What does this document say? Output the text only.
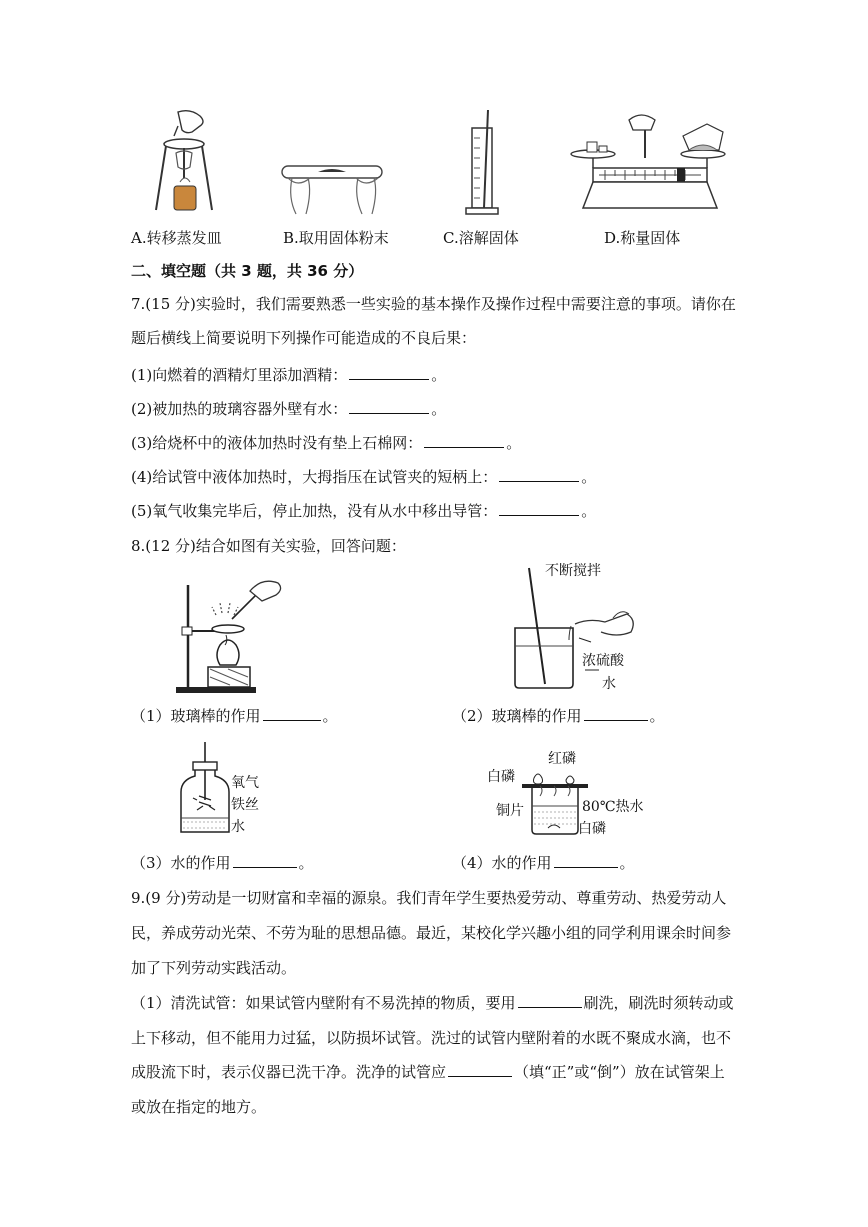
A.转移蒸发皿	B.取用固体粉末	C.溶解固体	D.称量固体
二、填空题（共 3 题，共 36 分）
7.(15 分)实验时，我们需要熟悉一些实验的基本操作及操作过程中需要注意的事项。请你在
题后横线上简要说明下列操作可能造成的不良后果：
(1)向燃着的酒精灯里添加酒精：	。
(2)被加热的玻璃容器外壁有水：	。
(3)给烧杯中的液体加热时没有垫上石棉网：	。
(4)给试管中液体加热时，大拇指压在试管夹的短柄上：	。
(5)氧气收集完毕后，停止加热，没有从水中移出导管：	。
8.(12 分)结合如图有关实验，回答问题：
不断搅拌
浓硫酸
水
（1）玻璃棒的作用	。	（2）玻璃棒的作用	。
氧气
铁丝
水
红磷
白磷
铜片	80℃热水
白磷
（3）水的作用	。	（4）水的作用	。
9.(9 分)劳动是一切财富和幸福的源泉。我们青年学生要热爱劳动、尊重劳动、热爱劳动人
民，养成劳动光荣、不劳为耻的思想品德。最近，某校化学兴趣小组的同学利用课余时间参
加了下列劳动实践活动。
（1）清洗试管：如果试管内壁附有不易洗掉的物质，要用	刷洗，刷洗时须转动或
上下移动，但不能用力过猛，以防损坏试管。洗过的试管内壁附着的水既不聚成水滴，也不
成股流下时，表示仪器已洗干净。洗净的试管应	（填“正”或“倒”）放在试管架上
或放在指定的地方。
